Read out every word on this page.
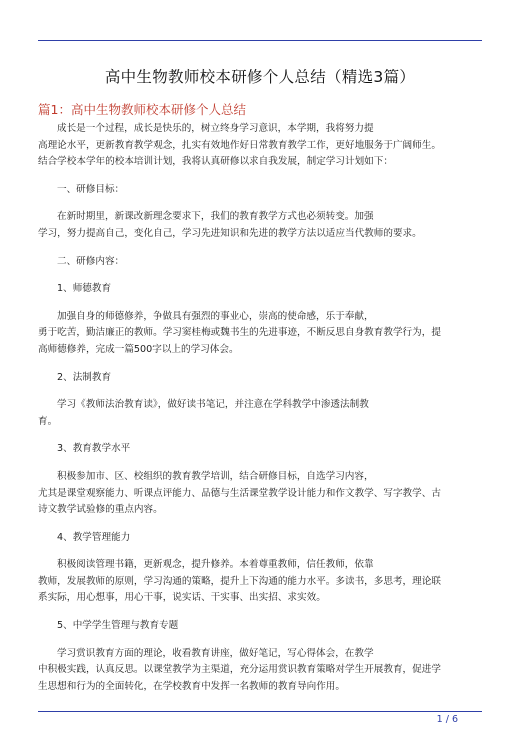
高中生物教师校本研修个人总结（精选3篇）
篇1：高中生物教师校本研修个人总结
成长是一个过程，成长是快乐的，树立终身学习意识，本学期，我将努力提
高理论水平，更新教育教学观念，扎实有效地作好日常教育教学工作，更好地服务于广阔师生。
结合学校本学年的校本培训计划，我将认真研修以求自我发展，制定学习计划如下：
一、研修目标：
在新时期里，新课改新理念要求下，我们的教育教学方式也必须转变。加强
学习，努力提高自己，变化自己，学习先进知识和先进的教学方法以适应当代教师的要求。
二、研修内容：
1、师德教育
加强自身的师德修养，争做具有强烈的事业心，崇高的使命感，乐于奉献，
勇于吃苦，勤洁廉正的教师。学习窦桂梅或魏书生的先进事迹，不断反思自身教育教学行为，提
高师德修养，完成一篇500字以上的学习体会。
2、法制教育
学习《教师法治教育读》，做好读书笔记，并注意在学科教学中渗透法制教
育。
3、教育教学水平
积极参加市、区、校组织的教育教学培训，结合研修目标，自选学习内容，
尤其是课堂观察能力、听课点评能力、品德与生活课堂教学设计能力和作文教学、写字教学、古
诗文教学试验修的重点内容。
4、教学管理能力
积极阅读管理书籍，更新观念，提升修养。本着尊重教师，信任教师，依靠
教师，发展教师的原则，学习沟通的策略，提升上下沟通的能力水平。多读书，多思考，理论联
系实际，用心想事，用心干事，说实话、干实事、出实招、求实效。
5、中学学生管理与教育专题
学习赏识教育方面的理论，收看教育讲座，做好笔记，写心得体会，在教学
中积极实践，认真反思。以课堂教学为主渠道，充分运用赏识教育策略对学生开展教育，促进学
生思想和行为的全面转化，在学校教育中发挥一名教师的教育导向作用。
1 / 6
